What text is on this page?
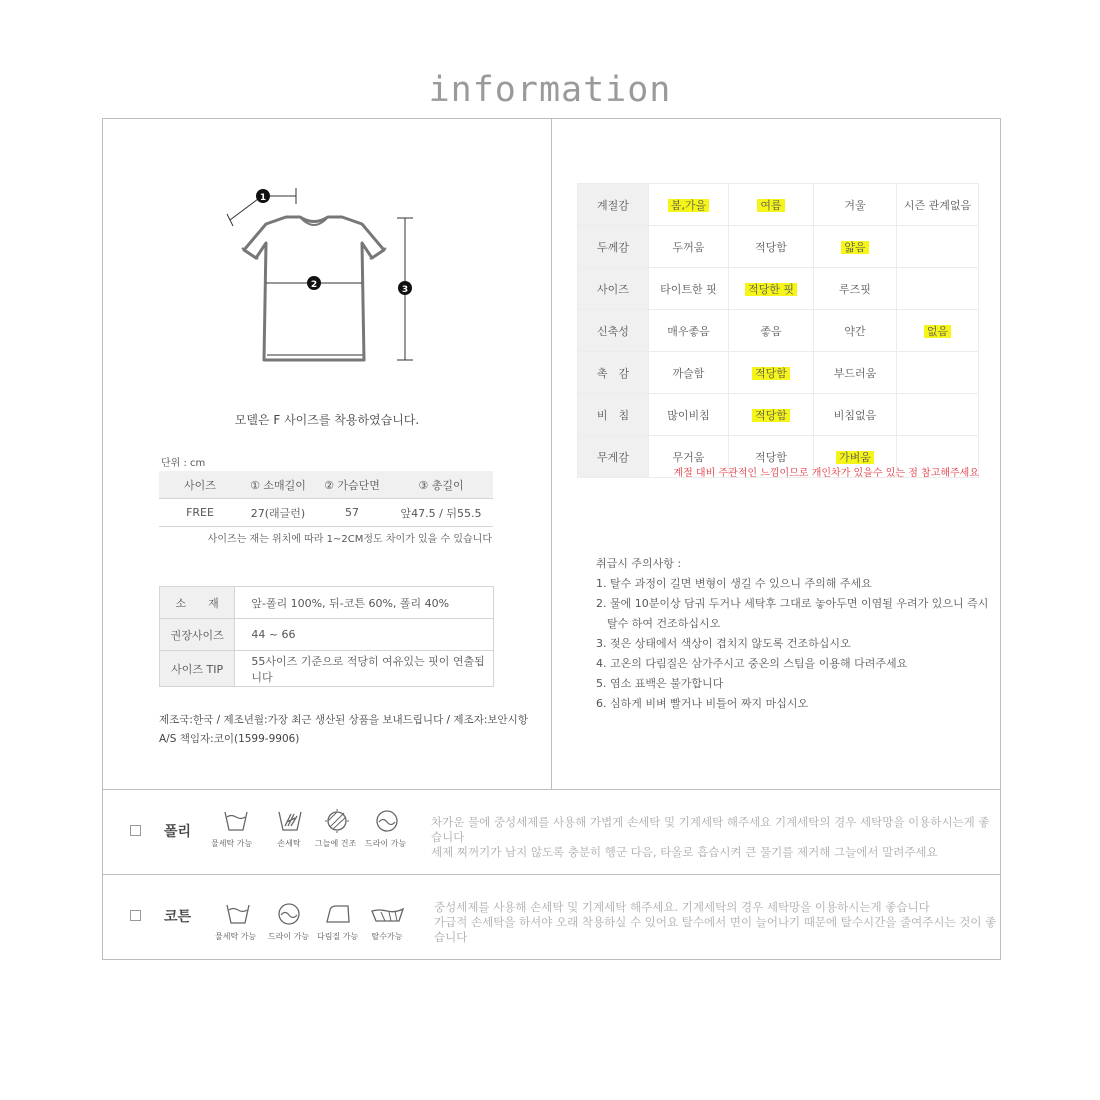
information
1
2	3
모델은 F 사이즈를 착용하였습니다.
단위 : cm
사이즈	① 소매길이	② 가슴단면	③ 총길이
FREE	27(래글런)	57	앞47.5 / 뒤55.5
사이즈는 재는 위치에 따라 1~2CM정도 차이가 있을 수 있습니다
소　　재	앞-폴리 100%, 뒤-코튼 60%, 폴리 40%
권장사이즈	44 ~ 66
사이즈 TIP	55사이즈 기준으로 적당히 여유있는 핏이 연출됩니다
제조국:한국 / 제조년월:가장 최근 생산된 상품을 보내드립니다 / 제조자:보안시항
A/S 책임자:코이(1599-9906)
계절감	봄,가을	여름	겨울	시즌 관계없음
두께감	두꺼움	적당함	얇음	
사이즈	타이트한 핏	적당한 핏	루즈핏	
신축성	매우좋음	좋음	약간	없음
촉　감	까슬함	적당함	부드러움	
비　침	많이비침	적당함	비침없음	
무게감	무거움	적당함	가벼움	
계절 대비 주관적인 느낌이므로 개인차가 있을수 있는 점 참고해주세요
취급시 주의사항 :
1. 탈수 과정이 길면 변형이 생길 수 있으니 주의해 주세요
2. 물에 10분이상 담궈 두거나 세탁후 그대로 놓아두면 이염될 우려가 있으니 즉시
　탈수 하여 건조하십시오
3. 젖은 상태에서 색상이 겹치지 않도록 건조하십시오
4. 고온의 다림질은 삼가주시고 중온의 스팀을 이용해 다려주세요
5. 염소 표백은 불가합니다
6. 심하게 비벼 빨거나 비틀어 짜지 마십시오
폴리
물세탁 가능	손세탁	그늘에 건조 드라이 가능
차가운 물에 중성세제를 사용해 가볍게 손세탁 및 기계세탁 해주세요 기계세탁의 경우 세탁망을 이용하시는게 좋습니다
세제 찌꺼기가 남지 않도록 충분히 헹군 다음, 타올로 흡습시켜 큰 물기를 제거해 그늘에서 말려주세요
코튼
물세탁 가능 드라이 가능 다림질 가능	탈수가능
중성세제를 사용해 손세탁 및 기계세탁 해주세요. 기계세탁의 경우 세탁망을 이용하시는게 좋습니다
가급적 손세탁을 하셔야 오래 착용하실 수 있어요 탈수에서 면이 늘어나기 때문에 탈수시간을 줄여주시는 것이 좋습니다
